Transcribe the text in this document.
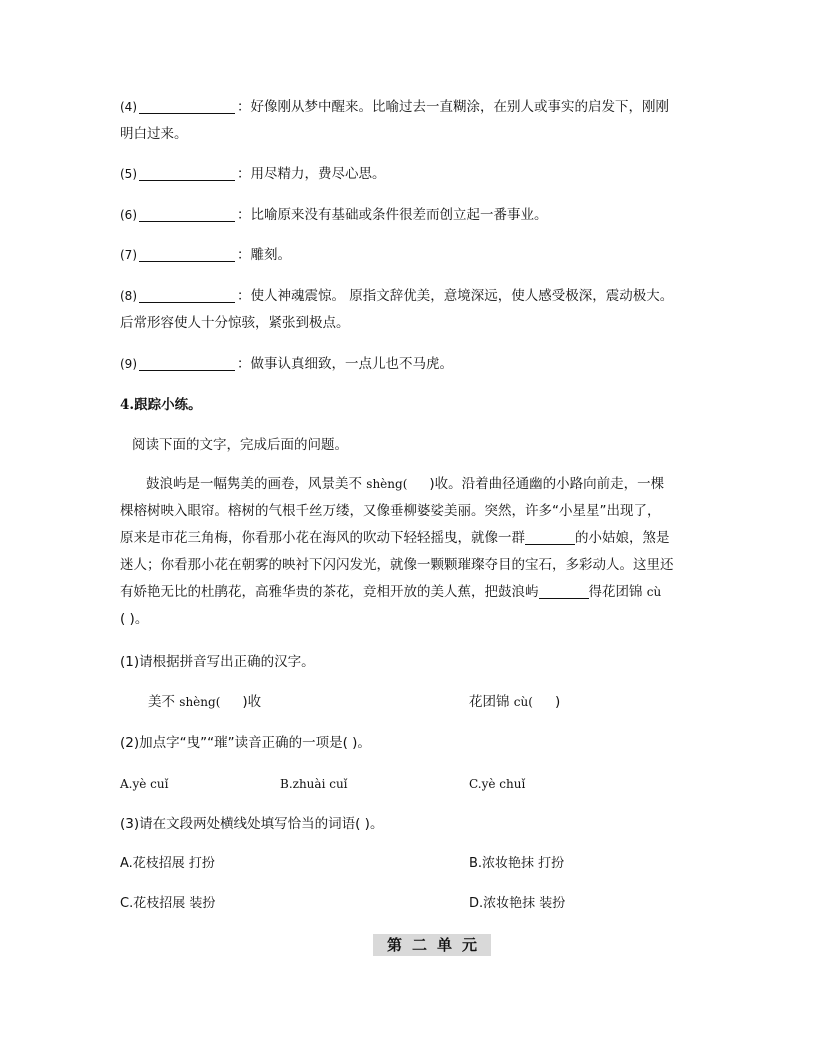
(4)	：好像刚从梦中醒来。比喻过去一直糊涂，在别人或事实的启发下，刚刚
明白过来。
(5)	：用尽精力，费尽心思。
(6)	：比喻原来没有基础或条件很差而创立起一番事业。
(7)	：雕刻。
(8)	：使人神魂震惊。 原指文辞优美，意境深远，使人感受极深，震动极大。
后常形容使人十分惊骇，紧张到极点。
(9)	：做事认真细致，一点儿也不马虎。
4.跟踪小练。
阅读下面的文字，完成后面的问题。
鼓浪屿是一幅隽美的画卷，风景美不 shèng( )收。沿着曲径通幽的小路向前走，一棵
棵榕树映入眼帘。榕树的气根千丝万缕，又像垂柳婆娑美丽。突然，许多“小星星”出现了，
原来是市花三角梅，你看那小花在海风的吹动下轻轻摇曳，就像一群	的小姑娘，煞是
迷人；你看那小花在朝雾的映衬下闪闪发光，就像一颗颗璀璨夺目的宝石，多彩动人。这里还
有娇艳无比的杜鹃花，高雅华贵的茶花，竞相开放的美人蕉，把鼓浪屿	得花团锦 cù
( )。
(1)请根据拼音写出正确的汉字。
美不 shèng( )收	花团锦 cù( )
(2)加点字“曳”“璀”读音正确的一项是( )。
A.yè cuǐ	B.zhuài cuǐ	C.yè chuǐ
(3)请在文段两处横线处填写恰当的词语( )。
A.花枝招展 打扮	B.浓妆艳抹 打扮
C.花枝招展 装扮	D.浓妆艳抹 装扮
第二单元
